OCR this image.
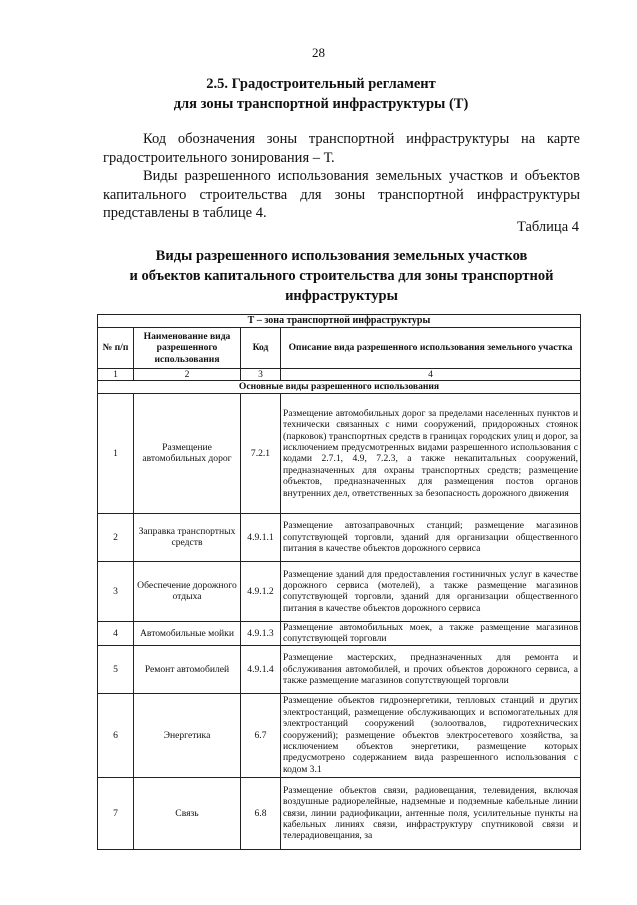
28
2.5. Градостроительный регламент
для зоны транспортной инфраструктуры (Т)

Код обозначения зоны транспортной инфраструктуры на карте градостроительного зонирования – Т.

Виды разрешенного использования земельных участков и объектов капитального строительства для зоны транспортной инфраструктуры представлены в таблице 4.

Таблица 4
Виды разрешенного использования земельных участков
и объектов капитального строительства для зоны транспортной
инфраструктуры
Т – зона транспортной инфраструктуры			
№ п/п	Наименование вида разрешенного использования	Код	Описание вида разрешенного использования земельного участка
1	2	3	4
Основные виды разрешенного использования			
1	Размещение автомобильных дорог	7.2.1	Размещение автомобильных дорог за пределами населенных пунктов и технически связанных с ними сооружений, придорожных стоянок (парковок) транспортных средств в границах городских улиц и дорог, за исключением предусмотренных видами разрешенного использования с кодами 2.7.1, 4.9, 7.2.3, а также некапитальных сооружений, предназначенных для охраны транспортных средств; размещение объектов, предназначенных для размещения постов органов внутренних дел, ответственных за безопасность дорожного движения
2	Заправка транспортных средств	4.9.1.1	Размещение автозаправочных станций; размещение магазинов сопутствующей торговли, зданий для организации общественного питания в качестве объектов дорожного сервиса
3	Обеспечение дорожного отдыха	4.9.1.2	Размещение зданий для предоставления гостиничных услуг в качестве дорожного сервиса (мотелей), а также размещение магазинов сопутствующей торговли, зданий для организации общественного питания в качестве объектов дорожного сервиса
4	Автомобильные мойки	4.9.1.3	Размещение автомобильных моек, а также размещение магазинов сопутствующей торговли
5	Ремонт автомобилей	4.9.1.4	Размещение мастерских, предназначенных для ремонта и обслуживания автомобилей, и прочих объектов дорожного сервиса, а также размещение магазинов сопутствующей торговли
6	Энергетика	6.7	Размещение объектов гидроэнергетики, тепловых станций и других электростанций, размещение обслуживающих и вспомогательных для электростанций сооружений (золоотвалов, гидротехнических сооружений); размещение объектов электросетевого хозяйства, за исключением объектов энергетики, размещение которых предусмотрено содержанием вида разрешенного использования с кодом 3.1
7	Связь	6.8	Размещение объектов связи, радиовещания, телевидения, включая воздушные радиорелейные, надземные и подземные кабельные линии связи, линии радиофикации, антенные поля, усилительные пункты на кабельных линиях связи, инфраструктуру спутниковой связи и телерадиовещания, за
